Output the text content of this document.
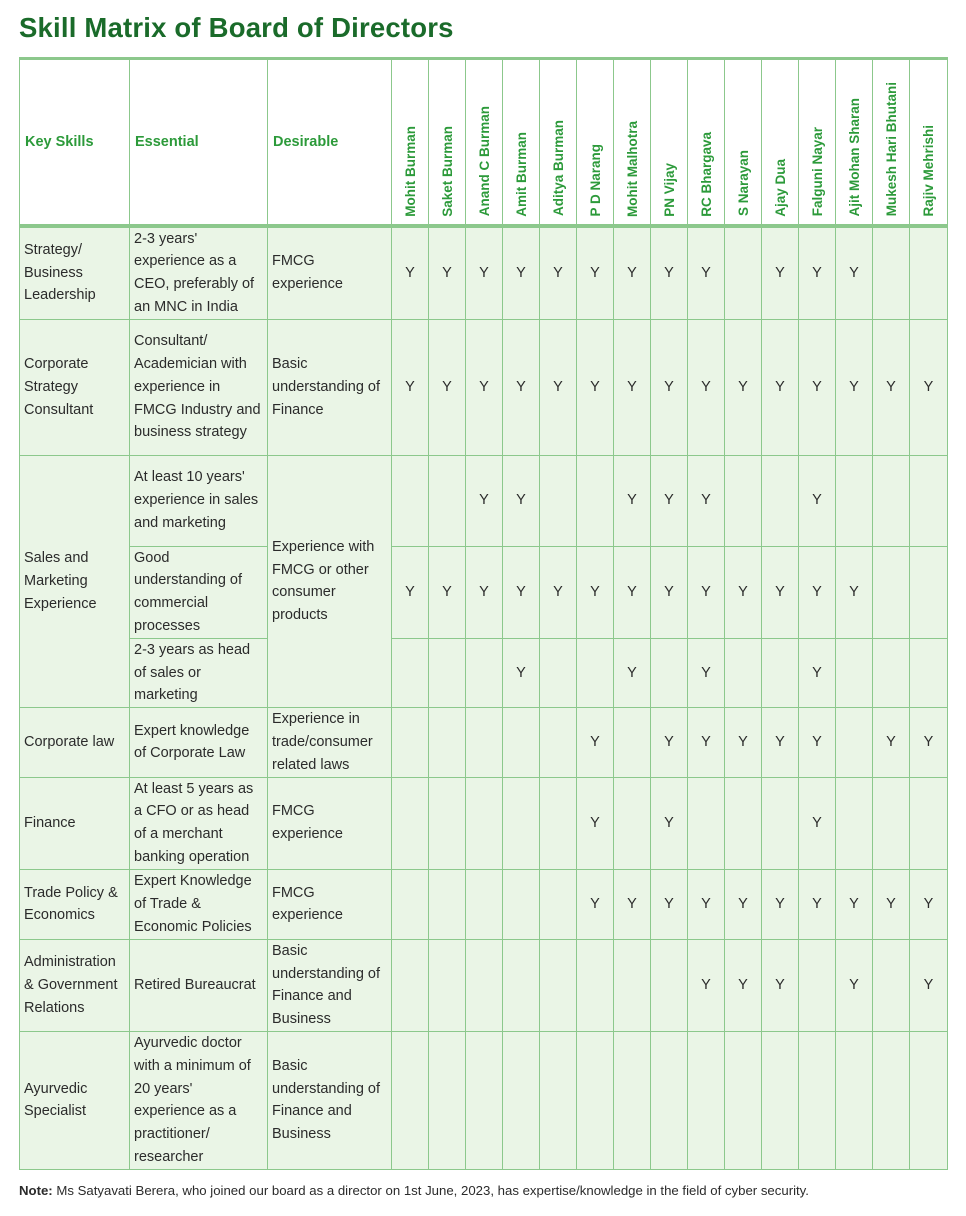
Skill Matrix of Board of Directors
Key Skills	Essential	Desirable	Mohit Burman	Saket Burman	Anand C Burman	Amit Burman	Aditya Burman	P D Narang	Mohit Malhotra	PN Vijay	RC Bhargava	S Narayan	Ajay Dua	Falguni Nayar	Ajit Mohan Sharan	Mukesh Hari Bhutani	Rajiv Mehrishi
Strategy/ Business Leadership	2-3 years' experience as a CEO, preferably of an MNC in India	FMCG experience	Y	Y	Y	Y	Y	Y	Y	Y	Y		Y	Y	Y		
Corporate Strategy Consultant	Consultant/ Academician with experience in FMCG Industry and business strategy	Basic understanding of Finance	Y	Y	Y	Y	Y	Y	Y	Y	Y	Y	Y	Y	Y	Y	Y
Sales and Marketing Experience	At least 10 years' experience in sales and marketing	Experience with FMCG or other consumer products			Y	Y			Y	Y	Y			Y			
	Good understanding of commercial processes		Y	Y	Y	Y	Y	Y	Y	Y	Y	Y	Y	Y	Y		
	2-3 years as head of sales or marketing					Y			Y		Y			Y			
Corporate law	Expert knowledge of Corporate Law	Experience in trade/consumer related laws						Y		Y	Y	Y	Y	Y		Y	Y
Finance	At least 5 years as a CFO or as head of a merchant banking operation	FMCG experience						Y		Y				Y			
Trade Policy & Economics	Expert Knowledge of Trade & Economic Policies	FMCG experience						Y	Y	Y	Y	Y	Y	Y	Y	Y	Y
Administration & Government Relations	Retired Bureaucrat	Basic understanding of Finance and Business									Y	Y	Y		Y		Y
Ayurvedic Specialist	Ayurvedic doctor with a minimum of 20 years' experience as a practitioner/ researcher	Basic understanding of Finance and Business															

Note: Ms Satyavati Berera, who joined our board as a director on 1st June, 2023, has expertise/knowledge in the field of cyber security.
